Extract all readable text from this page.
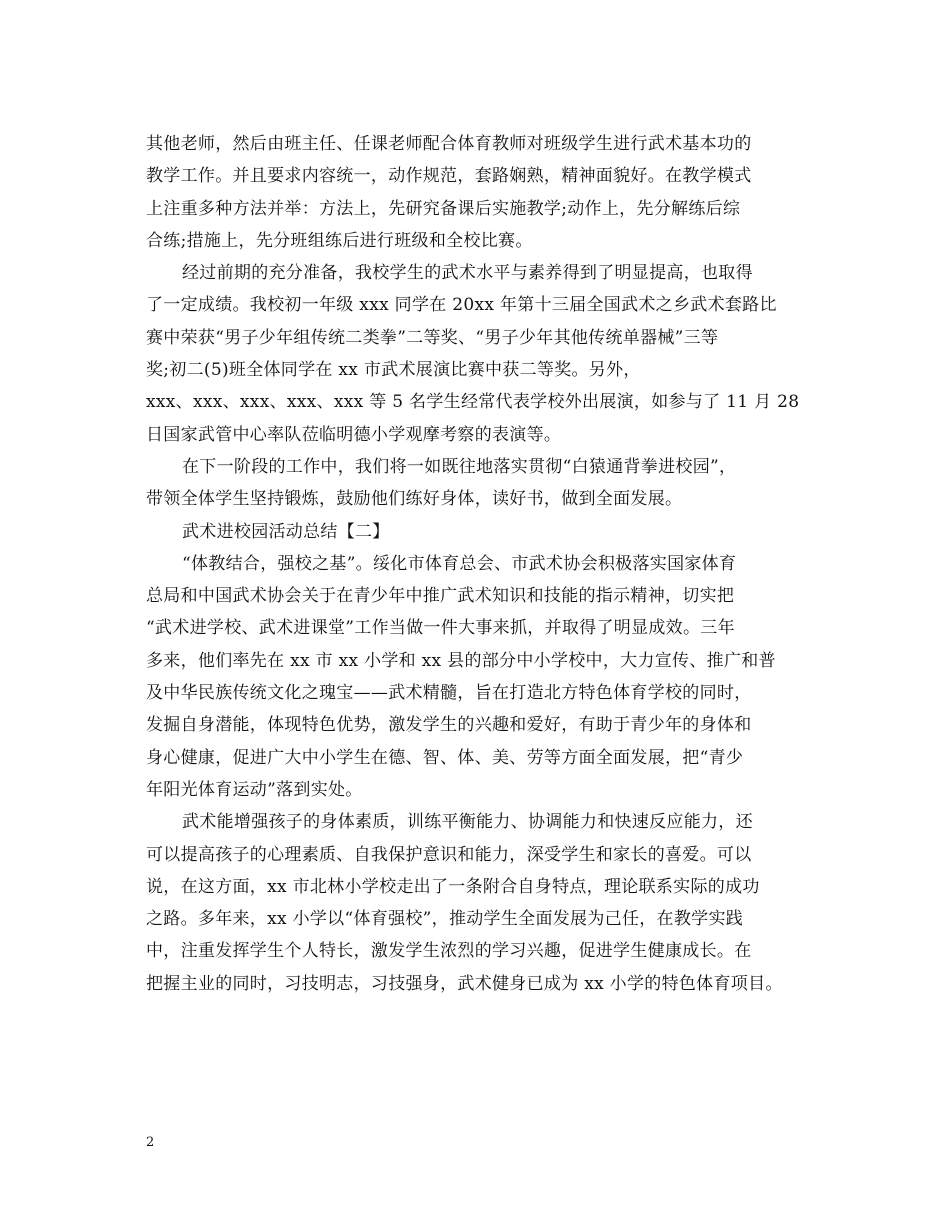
其他老师，然后由班主任、任课老师配合体育教师对班级学生进行武术基本功的
教学工作。并且要求内容统一，动作规范，套路娴熟，精神面貌好。在教学模式
上注重多种方法并举：方法上，先研究备课后实施教学;动作上，先分解练后综
合练;措施上，先分班组练后进行班级和全校比赛。
经过前期的充分准备，我校学生的武术水平与素养得到了明显提高，也取得
了一定成绩。我校初一年级 xxx 同学在 20xx 年第十三届全国武术之乡武术套路比
赛中荣获“男子少年组传统二类拳”二等奖、“男子少年其他传统单器械”三等
奖;初二(5)班全体同学在 xx 市武术展演比赛中获二等奖。另外，
xxx、xxx、xxx、xxx、xxx 等 5 名学生经常代表学校外出展演，如参与了 11 月 28
日国家武管中心率队莅临明德小学观摩考察的表演等。
在下一阶段的工作中，我们将一如既往地落实贯彻“白猿通背拳进校园”，
带领全体学生坚持锻炼，鼓励他们练好身体，读好书，做到全面发展。
武术进校园活动总结【二】
“体教结合，强校之基”。绥化市体育总会、市武术协会积极落实国家体育
总局和中国武术协会关于在青少年中推广武术知识和技能的指示精神，切实把
“武术进学校、武术进课堂”工作当做一件大事来抓，并取得了明显成效。三年
多来，他们率先在 xx 市 xx 小学和 xx 县的部分中小学校中，大力宣传、推广和普
及中华民族传统文化之瑰宝——武术精髓，旨在打造北方特色体育学校的同时，
发掘自身潜能，体现特色优势，激发学生的兴趣和爱好，有助于青少年的身体和
身心健康，促进广大中小学生在德、智、体、美、劳等方面全面发展，把“青少
年阳光体育运动”落到实处。
武术能增强孩子的身体素质，训练平衡能力、协调能力和快速反应能力，还
可以提高孩子的心理素质、自我保护意识和能力，深受学生和家长的喜爱。可以
说，在这方面，xx 市北林小学校走出了一条附合自身特点，理论联系实际的成功
之路。多年来，xx 小学以“体育强校”，推动学生全面发展为己任，在教学实践
中，注重发挥学生个人特长，激发学生浓烈的学习兴趣，促进学生健康成长。在
把握主业的同时，习技明志，习技强身，武术健身已成为 xx 小学的特色体育项目。
2
